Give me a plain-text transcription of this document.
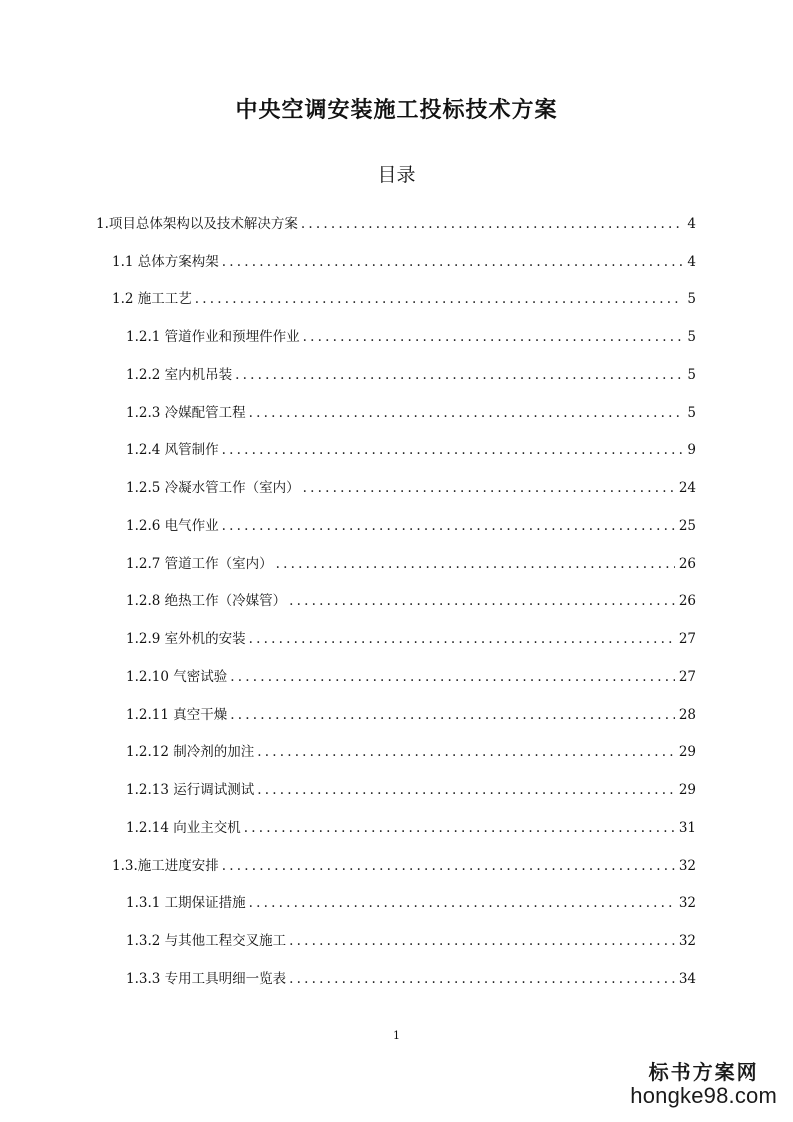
中央空调安装施工投标技术方案
目录
1.项目总体架构以及技术解决方案 .....	4
1.1 总体方案构架 .....	4
1.2 施工工艺 .....	5
1.2.1 管道作业和预埋件作业 .....	5
1.2.2 室内机吊装 .....	5
1.2.3 冷媒配管工程 .....	5
1.2.4 风管制作 .....	9
1.2.5 冷凝水管工作（室内） .....	24
1.2.6 电气作业 .....	25
1.2.7 管道工作（室内） .....	26
1.2.8 绝热工作（冷媒管） .....	26
1.2.9 室外机的安装 .....	27
1.2.10 气密试验 .....	27
1.2.11 真空干燥 .....	28
1.2.12 制冷剂的加注 .....	29
1.2.13 运行调试测试 .....	29
1.2.14 向业主交机 .....	31
1.3.施工进度安排 .....	32
1.3.1 工期保证措施 .....	32
1.3.2 与其他工程交叉施工 .....	32
1.3.3 专用工具明细一览表 .....	34
1
标书方案网
hongke98.com
